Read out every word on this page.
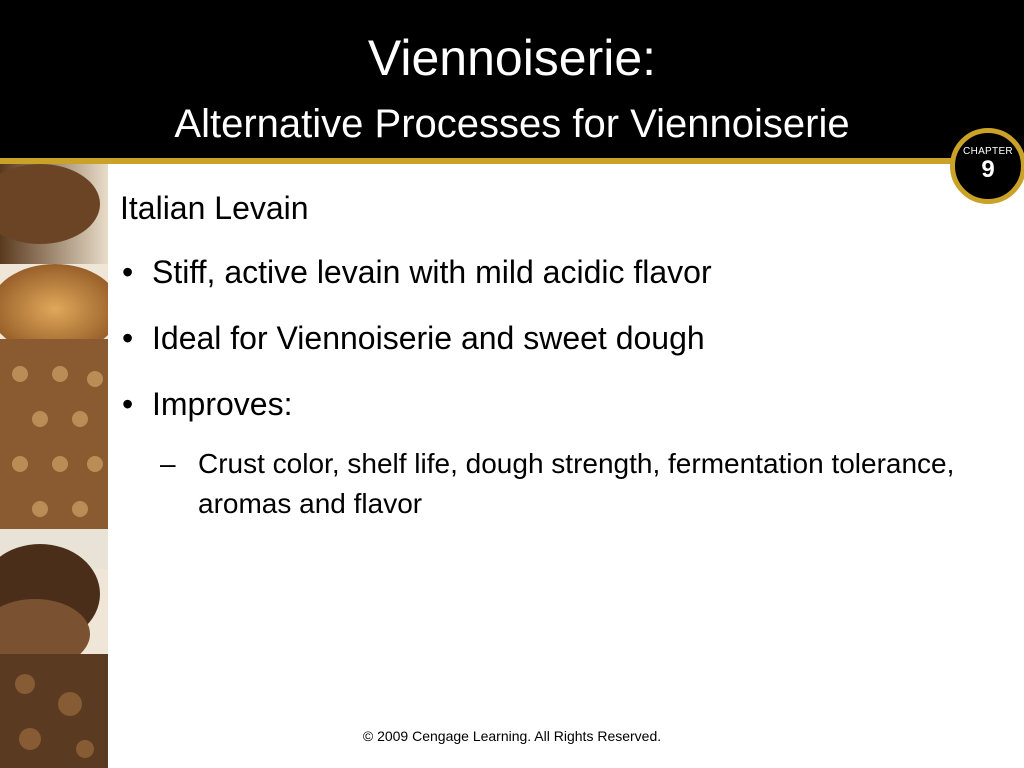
Viennoiserie:
Alternative Processes for Viennoiserie
CHAPTER
9
Italian Levain
• Stiff, active levain with mild acidic flavor
• Ideal for Viennoiserie and sweet dough
• Improves:
– Crust color, shelf life, dough strength, fermentation tolerance, aromas and flavor
© 2009 Cengage Learning. All Rights Reserved.
